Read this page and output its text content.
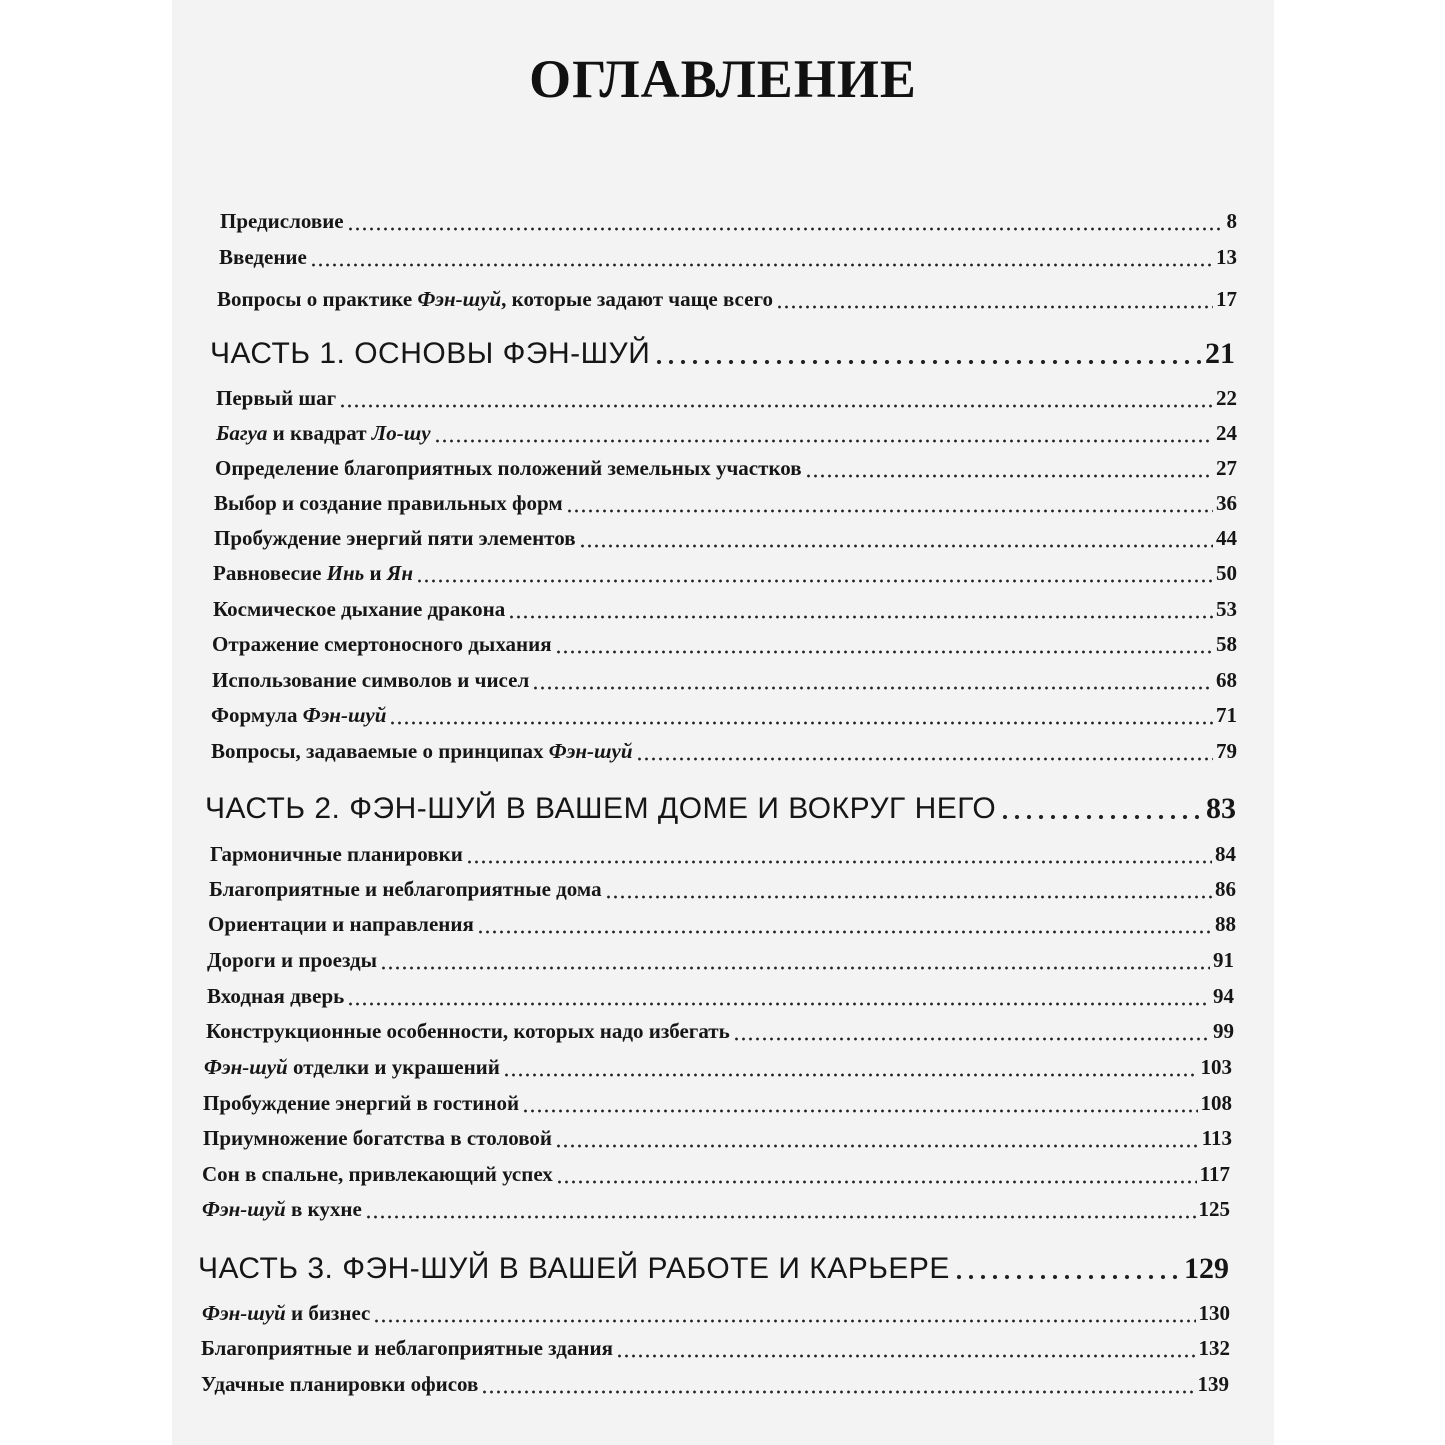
ОГЛАВЛЕНИЕ
Предисловие	8
Введение	13
Вопросы о практике Фэн-шуй, которые задают чаще всего	17
ЧАСТЬ 1. ОСНОВЫ ФЭН-ШУЙ	21
Первый шаг	22
Багуа и квадрат Ло-шу	24
Определение благоприятных положений земельных участков	27
Выбор и создание правильных форм	36
Пробуждение энергий пяти элементов	44
Равновесие Инь и Ян	50
Космическое дыхание дракона	53
Отражение смертоносного дыхания	58
Использование символов и чисел	68
Формула Фэн-шуй	71
Вопросы, задаваемые о принципах Фэн-шуй	79
ЧАСТЬ 2. ФЭН-ШУЙ В ВАШЕМ ДОМЕ И ВОКРУГ НЕГО	83
Гармоничные планировки	84
Благоприятные и неблагоприятные дома	86
Ориентации и направления	88
Дороги и проезды	91
Входная дверь	94
Конструкционные особенности, которых надо избегать	99
Фэн-шуй отделки и украшений	103
Пробуждение энергий в гостиной	108
Приумножение богатства в столовой	113
Сон в спальне, привлекающий успех	117
Фэн-шуй в кухне	125
ЧАСТЬ 3. ФЭН-ШУЙ В ВАШЕЙ РАБОТЕ И КАРЬЕРЕ	129
Фэн-шуй и бизнес	130
Благоприятные и неблагоприятные здания	132
Удачные планировки офисов	139
